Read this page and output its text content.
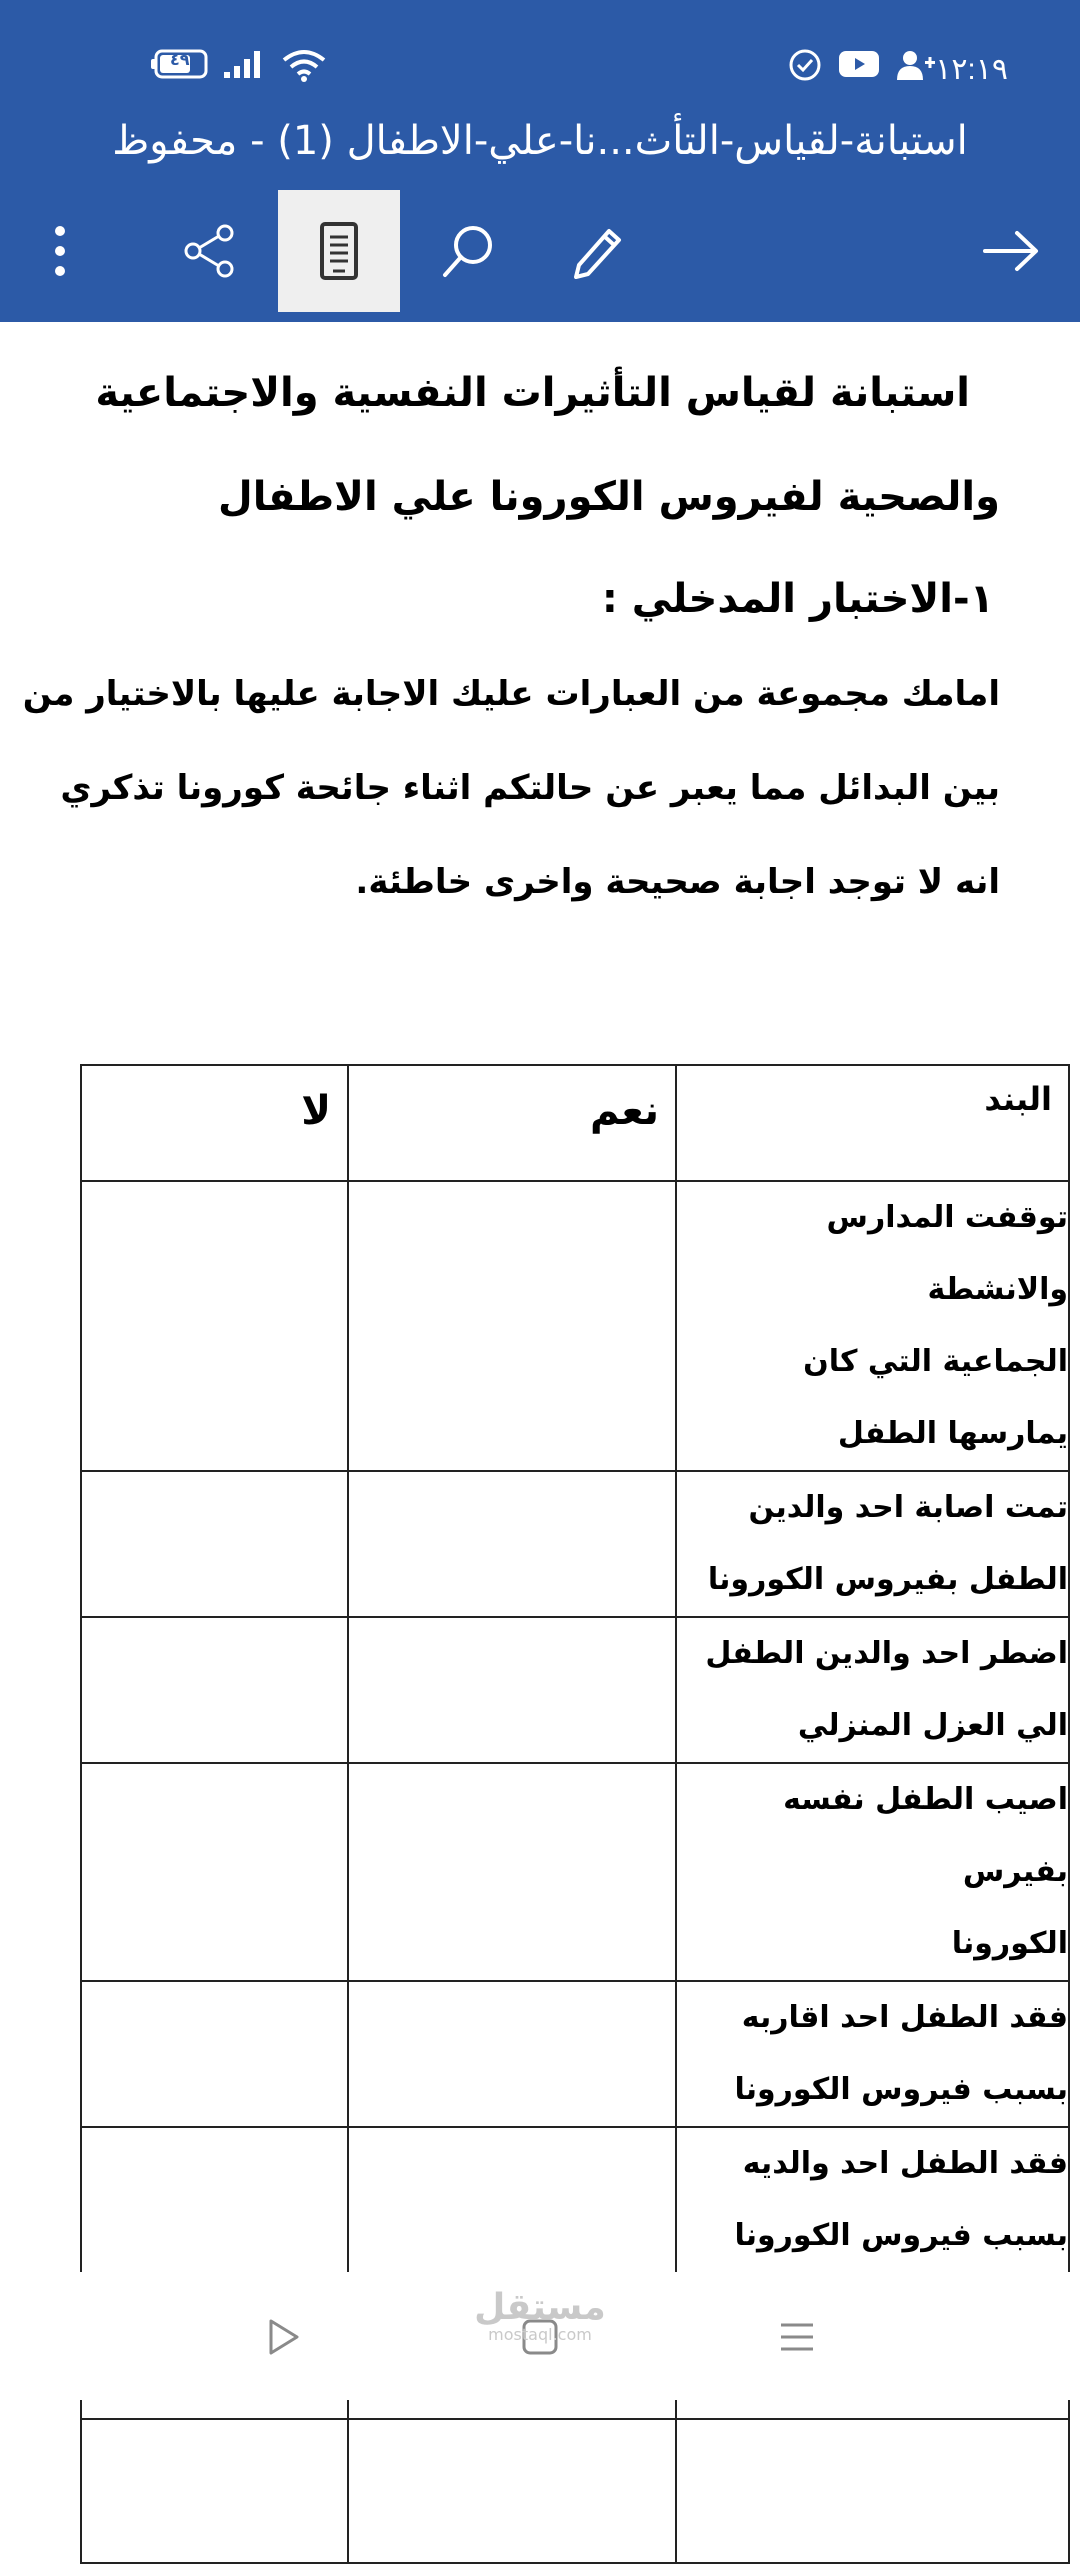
٤٩	١٢:١٩
استبانة-لقياس-التأث...نا-علي-الاطفال (1) - محفوظ
استبانة لقياس التأثيرات النفسية والاجتماعية
والصحية لفيروس الكورونا علي الاطفال
١-الاختبار المدخلي :
امامك مجموعة من العبارات عليك الاجابة عليها بالاختيار من
بين البدائل مما يعبر عن حالتكم اثناء جائحة كورونا تذكري
انه لا توجد اجابة صحيحة واخرى خاطئة.
البند	نعم	لا

توقفت المدارس والانشطة
الجماعية التي كان
يمارسها الطفل		

تمت اصابة احد والدين
الطفل بفيروس الكورونا		

اضطر احد والدين الطفل
الي العزل المنزلي		

اصيب الطفل نفسه بفيرس
الكورونا		

فقد الطفل احد اقاربه
بسبب فيروس الكورونا		

فقد الطفل احد والديه
بسبب فيروس الكورونا		

مستقل
mostaql.com
